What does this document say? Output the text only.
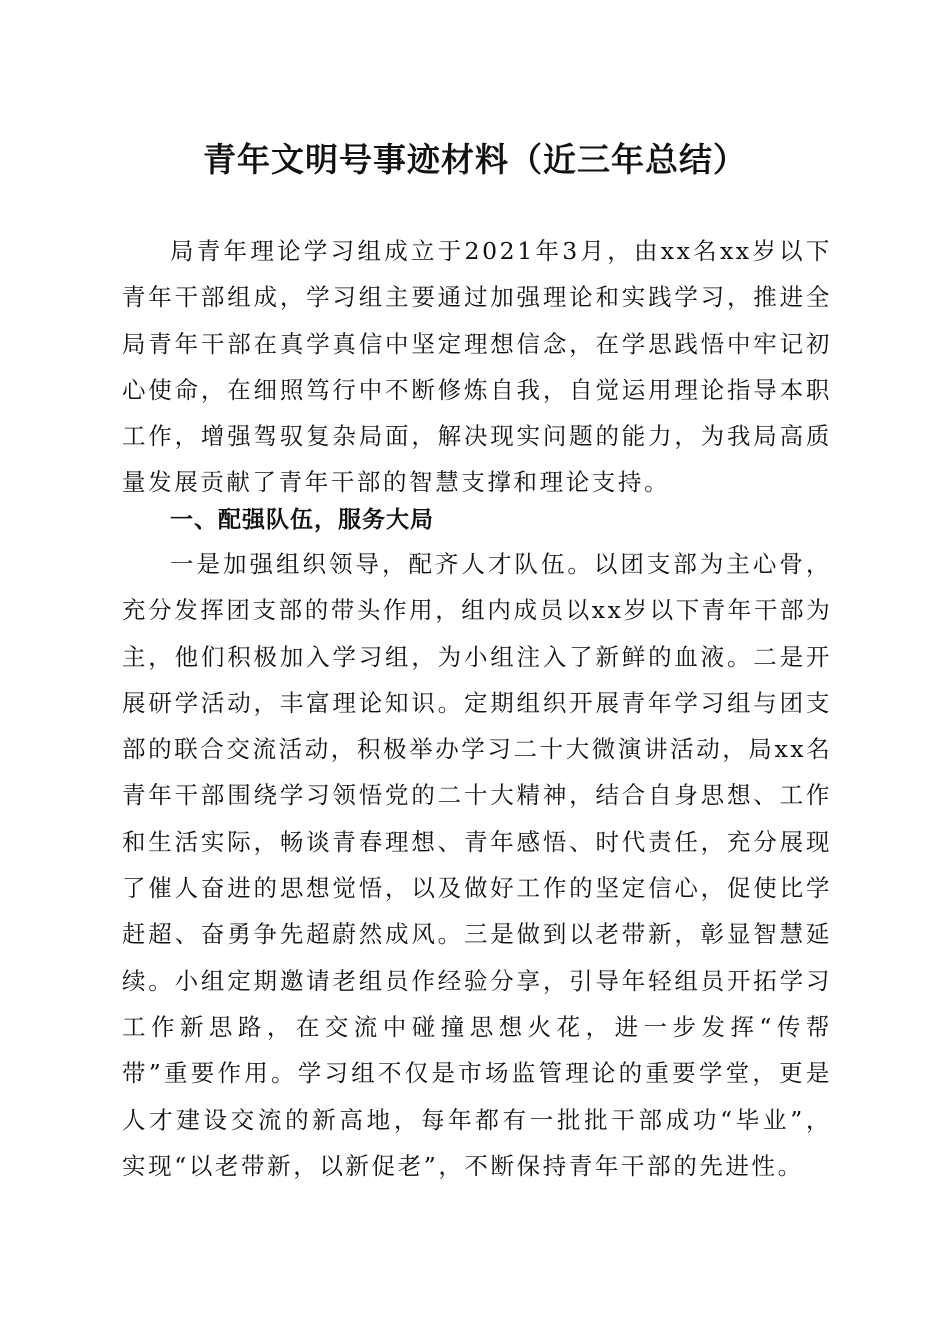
青年文明号事迹材料（近三年总结）
局青年理论学习组成立于2021年3月，由xx名xx岁以下
青年干部组成，学习组主要通过加强理论和实践学习，推进全
局青年干部在真学真信中坚定理想信念，在学思践悟中牢记初
心使命，在细照笃行中不断修炼自我，自觉运用理论指导本职
工作，增强驾驭复杂局面，解决现实问题的能力，为我局高质
量发展贡献了青年干部的智慧支撑和理论支持。
一、配强队伍，服务大局
一是加强组织领导，配齐人才队伍。以团支部为主心骨，
充分发挥团支部的带头作用，组内成员以xx岁以下青年干部为
主，他们积极加入学习组，为小组注入了新鲜的血液。二是开
展研学活动，丰富理论知识。定期组织开展青年学习组与团支
部的联合交流活动，积极举办学习二十大微演讲活动，局xx名
青年干部围绕学习领悟党的二十大精神，结合自身思想、工作
和生活实际，畅谈青春理想、青年感悟、时代责任，充分展现
了催人奋进的思想觉悟，以及做好工作的坚定信心，促使比学
赶超、奋勇争先超蔚然成风。三是做到以老带新，彰显智慧延
续。小组定期邀请老组员作经验分享，引导年轻组员开拓学习
工作新思路，在交流中碰撞思想火花，进一步发挥“传帮
带”重要作用。学习组不仅是市场监管理论的重要学堂，更是
人才建设交流的新高地，每年都有一批批干部成功“毕业”，
实现“以老带新，以新促老”，不断保持青年干部的先进性。
